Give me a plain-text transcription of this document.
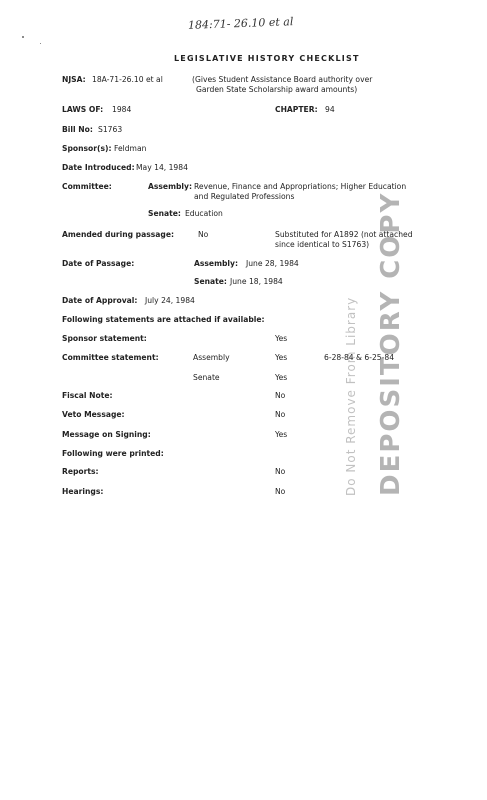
184:71- 26.10 et al
LEGISLATIVE HISTORY CHECKLIST
NJSA: 18A-71-26.10 et al	(Gives Student Assistance Board authority over
Garden State Scholarship award amounts)
LAWS OF: 1984	CHAPTER: 94
Bill No: S1763
Sponsor(s): Feldman
Date Introduced: May 14, 1984
Committee:	Assembly: Revenue, Finance and Appropriations; Higher Education
and Regulated Professions
Senate: Education
Amended during passage:	No	Substituted for A1892 (not attached
since identical to S1763)
Date of Passage:	Assembly: June 28, 1984
Senate: June 18, 1984
Date of Approval: July 24, 1984
Following statements are attached if available:
Sponsor statement:	Yes
Committee statement:	Assembly	Yes	6-28-84 & 6-25-84
Senate	Yes
Fiscal Note:	No
Veto Message:	No
Message on Signing:	Yes
Following were printed:
Reports:	No
Hearings:	No	DEPOSITORY COPY
Do Not Remove From Library
